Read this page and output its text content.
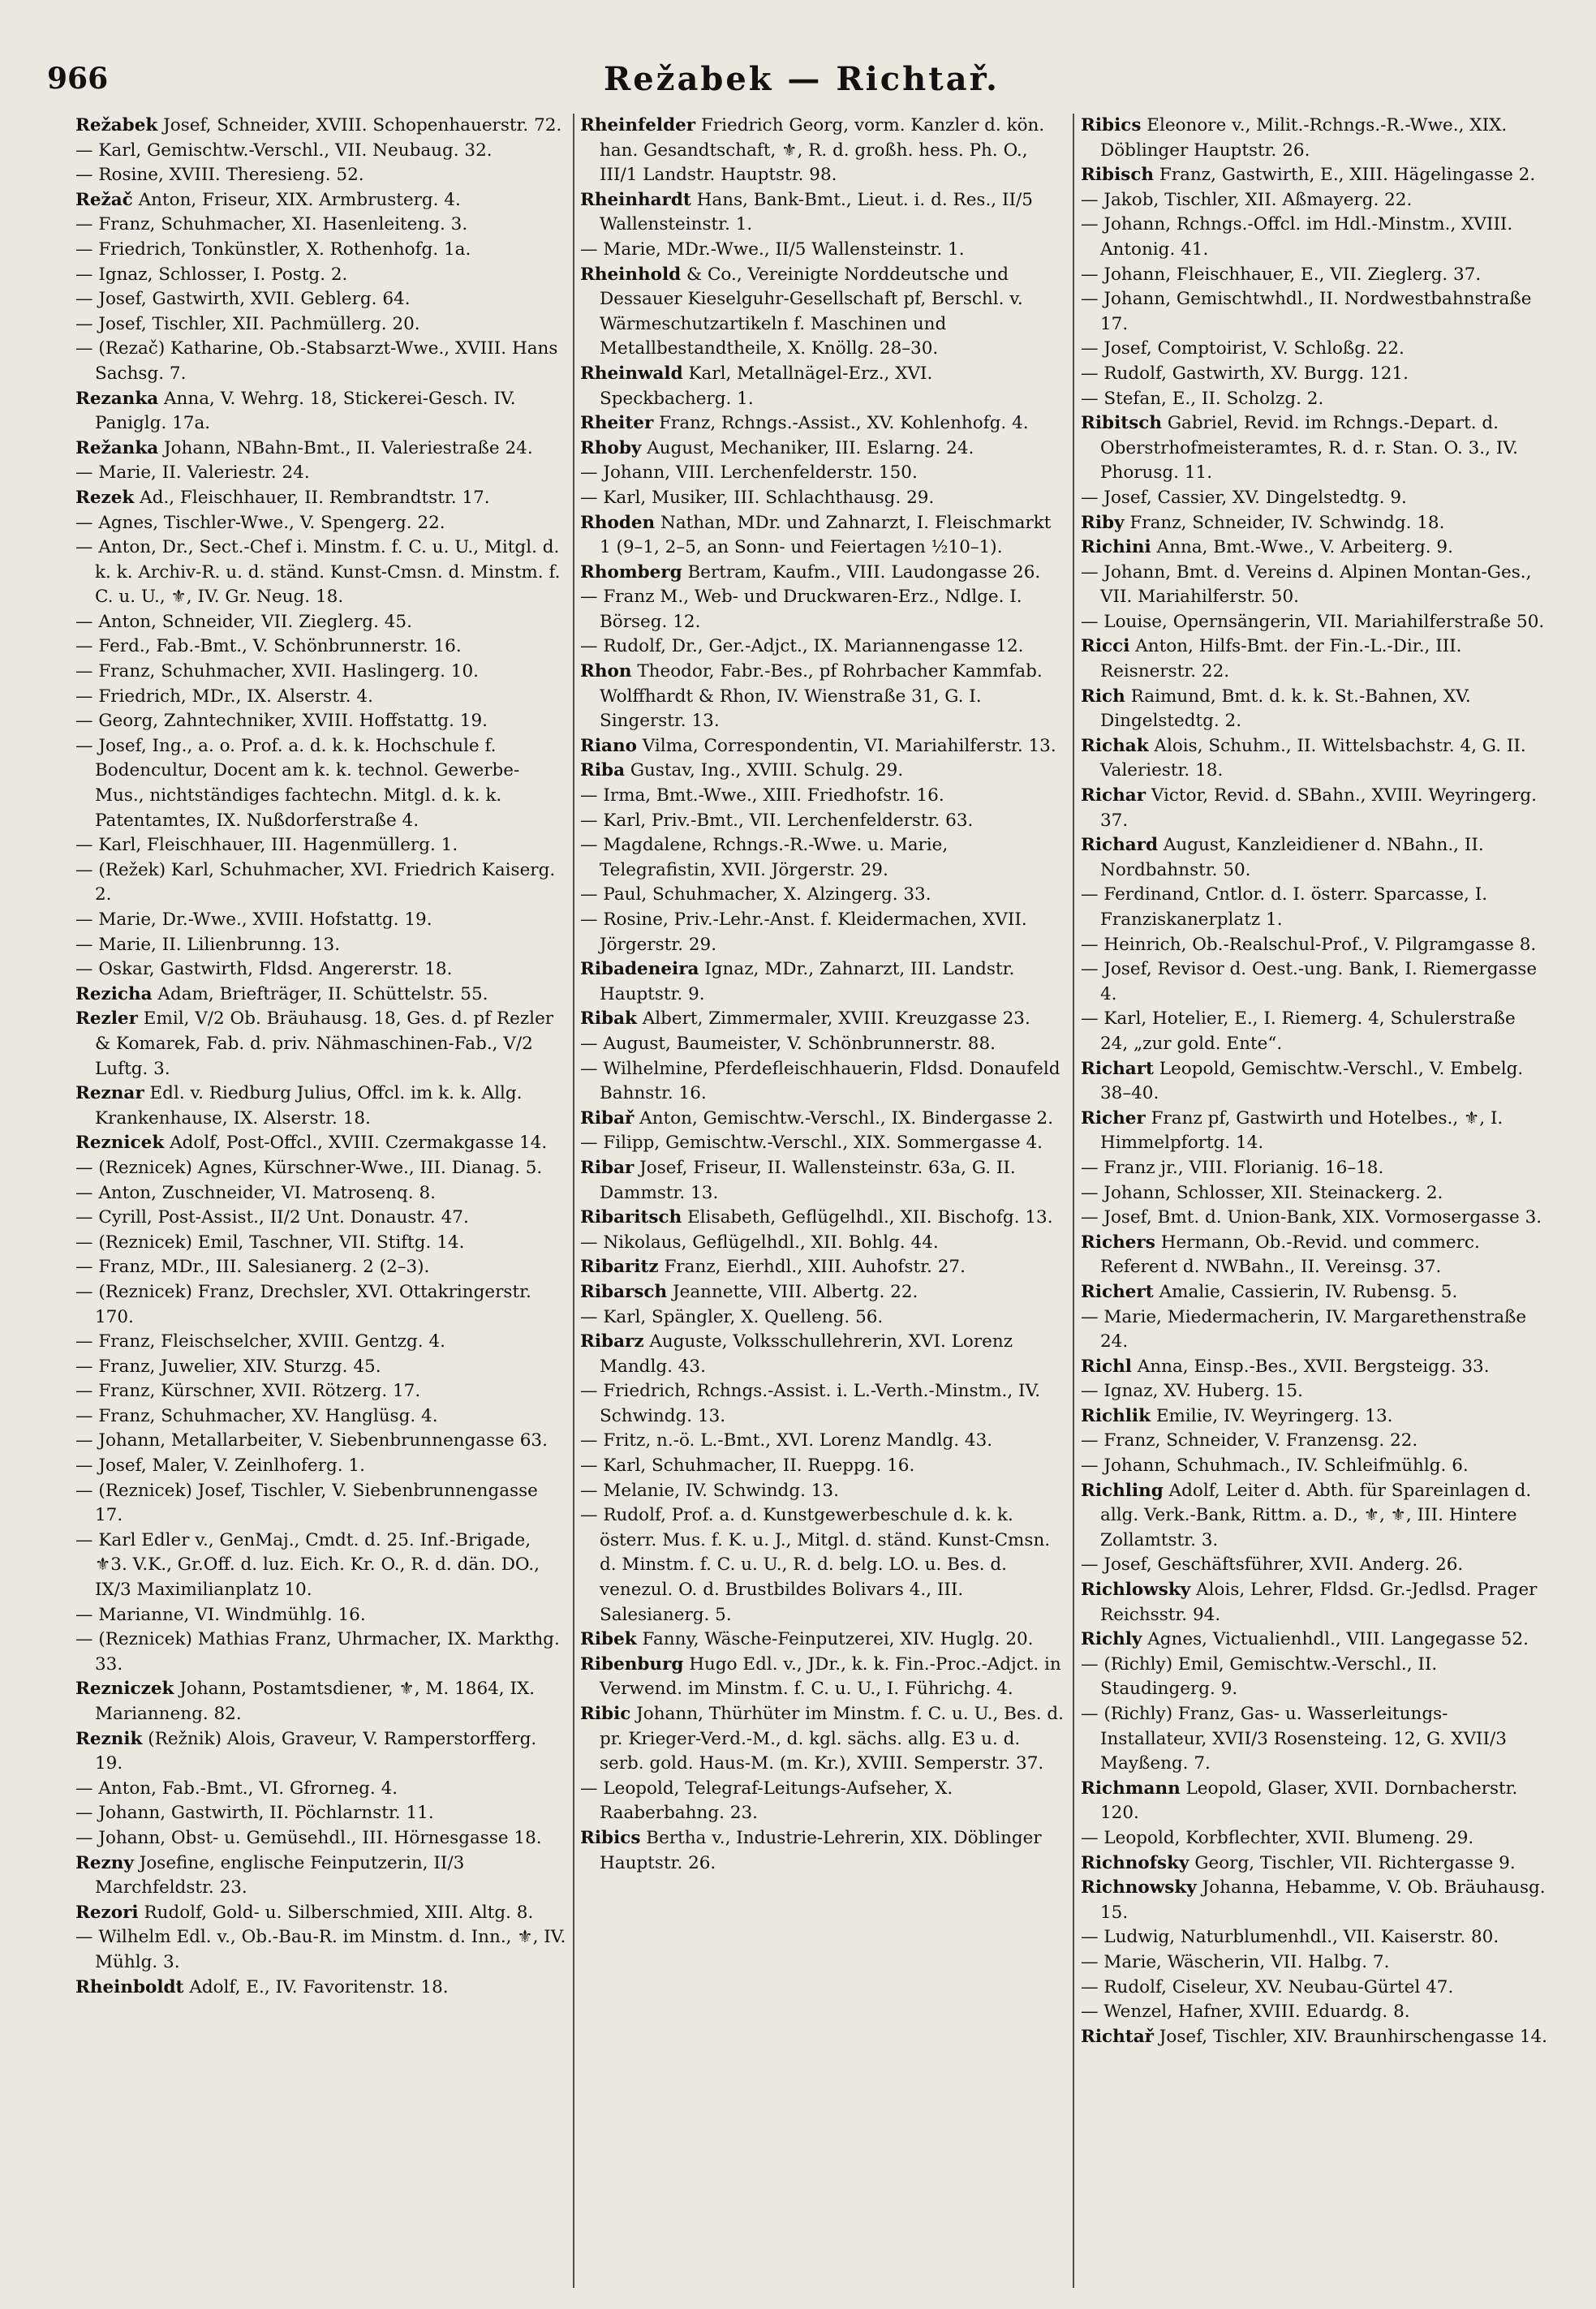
966	Režabek — Richtař.

Režabek Josef, Schneider, XVIII. Schopenhauerstr. 72.

— Karl, Gemischtw.-Verschl., VII. Neubaug. 32.

— Rosine, XVIII. Theresieng. 52.

Režač Anton, Friseur, XIX. Armbrusterg. 4.

— Franz, Schuhmacher, XI. Hasenleiteng. 3.

— Friedrich, Tonkünstler, X. Rothenhofg. 1a.

— Ignaz, Schlosser, I. Postg. 2.

— Josef, Gastwirth, XVII. Geblerg. 64.

— Josef, Tischler, XII. Pachmüllerg. 20.

— (Rezač) Katharine, Ob.-Stabsarzt-Wwe., XVIII. Hans Sachsg. 7.

Rezanka Anna, V. Wehrg. 18, Stickerei-Gesch. IV. Paniglg. 17a.

Režanka Johann, NBahn-Bmt., II. Valeriestraße 24.

— Marie, II. Valeriestr. 24.

Rezek Ad., Fleischhauer, II. Rembrandtstr. 17.

— Agnes, Tischler-Wwe., V. Spengerg. 22.

— Anton, Dr., Sect.-Chef i. Minstm. f. C. u. U., Mitgl. d. k. k. Archiv-R. u. d. ständ. Kunst-Cmsn. d. Minstm. f. C. u. U., ⚜, IV. Gr. Neug. 18.

— Anton, Schneider, VII. Zieglerg. 45.

— Ferd., Fab.-Bmt., V. Schönbrunnerstr. 16.

— Franz, Schuhmacher, XVII. Haslingerg. 10.

— Friedrich, MDr., IX. Alserstr. 4.

— Georg, Zahntechniker, XVIII. Hoffstattg. 19.

— Josef, Ing., a. o. Prof. a. d. k. k. Hochschule f. Bodencultur, Docent am k. k. technol. Gewerbe-Mus., nichtständiges fachtechn. Mitgl. d. k. k. Patentamtes, IX. Nußdorferstraße 4.

— Karl, Fleischhauer, III. Hagenmüllerg. 1.

— (Režek) Karl, Schuhmacher, XVI. Friedrich Kaiserg. 2.

— Marie, Dr.-Wwe., XVIII. Hofstattg. 19.

— Marie, II. Lilienbrunng. 13.

— Oskar, Gastwirth, Fldsd. Angererstr. 18.

Rezicha Adam, Briefträger, II. Schüttelstr. 55.

Rezler Emil, V/2 Ob. Bräuhausg. 18, Ges. d. pf Rezler & Komarek, Fab. d. priv. Nähmaschinen-Fab., V/2 Luftg. 3.

Reznar Edl. v. Riedburg Julius, Offcl. im k. k. Allg. Krankenhause, IX. Alserstr. 18.

Reznicek Adolf, Post-Offcl., XVIII. Czermakgasse 14.

— (Reznicek) Agnes, Kürschner-Wwe., III. Dianag. 5.

— Anton, Zuschneider, VI. Matrosenq. 8.

— Cyrill, Post-Assist., II/2 Unt. Donaustr. 47.

— (Reznicek) Emil, Taschner, VII. Stiftg. 14.

— Franz, MDr., III. Salesianerg. 2 (2–3).

— (Reznicek) Franz, Drechsler, XVI. Ottakringerstr. 170.

— Franz, Fleischselcher, XVIII. Gentzg. 4.

— Franz, Juwelier, XIV. Sturzg. 45.

— Franz, Kürschner, XVII. Rötzerg. 17.

— Franz, Schuhmacher, XV. Hanglüsg. 4.

— Johann, Metallarbeiter, V. Siebenbrunnengasse 63.

— Josef, Maler, V. Zeinlhoferg. 1.

— (Reznicek) Josef, Tischler, V. Siebenbrunnengasse 17.

— Karl Edler v., GenMaj., Cmdt. d. 25. Inf.-Brigade, ⚜3. V.K., Gr.Off. d. luz. Eich. Kr. O., R. d. dän. DO., IX/3 Maximilianplatz 10.

— Marianne, VI. Windmühlg. 16.

— (Reznicek) Mathias Franz, Uhrmacher, IX. Markthg. 33.

Rezniczek Johann, Postamtsdiener, ⚜, M. 1864, IX. Marianneng. 82.

Reznik (Režnik) Alois, Graveur, V. Ramperstorfferg. 19.

— Anton, Fab.-Bmt., VI. Gfrorneg. 4.

— Johann, Gastwirth, II. Pöchlarnstr. 11.

— Johann, Obst- u. Gemüsehdl., III. Hörnesgasse 18.

Rezny Josefine, englische Feinputzerin, II/3 Marchfeldstr. 23.

Rezori Rudolf, Gold- u. Silberschmied, XIII. Altg. 8.

— Wilhelm Edl. v., Ob.-Bau-R. im Minstm. d. Inn., ⚜, IV. Mühlg. 3.

Rheinboldt Adolf, E., IV. Favoritenstr. 18.

Rheinfelder Friedrich Georg, vorm. Kanzler d. kön. han. Gesandtschaft, ⚜, R. d. großh. hess. Ph. O., III/1 Landstr. Hauptstr. 98.

Rheinhardt Hans, Bank-Bmt., Lieut. i. d. Res., II/5 Wallensteinstr. 1.

— Marie, MDr.-Wwe., II/5 Wallensteinstr. 1.

Rheinhold & Co., Vereinigte Norddeutsche und Dessauer Kieselguhr-Gesellschaft pf, Berschl. v. Wärmeschutzartikeln f. Maschinen und Metallbestandtheile, X. Knöllg. 28–30.

Rheinwald Karl, Metallnägel-Erz., XVI. Speckbacherg. 1.

Rheiter Franz, Rchngs.-Assist., XV. Kohlenhofg. 4.

Rhoby August, Mechaniker, III. Eslarng. 24.

— Johann, VIII. Lerchenfelderstr. 150.

— Karl, Musiker, III. Schlachthausg. 29.

Rhoden Nathan, MDr. und Zahnarzt, I. Fleischmarkt 1 (9–1, 2–5, an Sonn- und Feiertagen ½10–1).

Rhomberg Bertram, Kaufm., VIII. Laudongasse 26.

— Franz M., Web- und Druckwaren-Erz., Ndlge. I. Börseg. 12.

— Rudolf, Dr., Ger.-Adjct., IX. Mariannengasse 12.

Rhon Theodor, Fabr.-Bes., pf Rohrbacher Kammfab. Wolffhardt & Rhon, IV. Wienstraße 31, G. I. Singerstr. 13.

Riano Vilma, Correspondentin, VI. Mariahilferstr. 13.

Riba Gustav, Ing., XVIII. Schulg. 29.

— Irma, Bmt.-Wwe., XIII. Friedhofstr. 16.

— Karl, Priv.-Bmt., VII. Lerchenfelderstr. 63.

— Magdalene, Rchngs.-R.-Wwe. u. Marie, Telegrafistin, XVII. Jörgerstr. 29.

— Paul, Schuhmacher, X. Alzingerg. 33.

— Rosine, Priv.-Lehr.-Anst. f. Kleidermachen, XVII. Jörgerstr. 29.

Ribadeneira Ignaz, MDr., Zahnarzt, III. Landstr. Hauptstr. 9.

Ribak Albert, Zimmermaler, XVIII. Kreuzgasse 23.

— August, Baumeister, V. Schönbrunnerstr. 88.

— Wilhelmine, Pferdefleischhauerin, Fldsd. Donaufeld Bahnstr. 16.

Ribař Anton, Gemischtw.-Verschl., IX. Bindergasse 2.

— Filipp, Gemischtw.-Verschl., XIX. Sommergasse 4.

Ribar Josef, Friseur, II. Wallensteinstr. 63a, G. II. Dammstr. 13.

Ribaritsch Elisabeth, Geflügelhdl., XII. Bischofg. 13.

— Nikolaus, Geflügelhdl., XII. Bohlg. 44.

Ribaritz Franz, Eierhdl., XIII. Auhofstr. 27.

Ribarsch Jeannette, VIII. Albertg. 22.

— Karl, Spängler, X. Quelleng. 56.

Ribarz Auguste, Volksschullehrerin, XVI. Lorenz Mandlg. 43.

— Friedrich, Rchngs.-Assist. i. L.-Verth.-Minstm., IV. Schwindg. 13.

— Fritz, n.-ö. L.-Bmt., XVI. Lorenz Mandlg. 43.

— Karl, Schuhmacher, II. Rueppg. 16.

— Melanie, IV. Schwindg. 13.

— Rudolf, Prof. a. d. Kunstgewerbeschule d. k. k. österr. Mus. f. K. u. J., Mitgl. d. ständ. Kunst-Cmsn. d. Minstm. f. C. u. U., R. d. belg. LO. u. Bes. d. venezul. O. d. Brustbildes Bolivars 4., III. Salesianerg. 5.

Ribek Fanny, Wäsche-Feinputzerei, XIV. Huglg. 20.

Ribenburg Hugo Edl. v., JDr., k. k. Fin.-Proc.-Adjct. in Verwend. im Minstm. f. C. u. U., I. Führichg. 4.

Ribic Johann, Thürhüter im Minstm. f. C. u. U., Bes. d. pr. Krieger-Verd.-M., d. kgl. sächs. allg. E3 u. d. serb. gold. Haus-M. (m. Kr.), XVIII. Semperstr. 37.

— Leopold, Telegraf-Leitungs-Aufseher, X. Raaberbahng. 23.

Ribics Bertha v., Industrie-Lehrerin, XIX. Döblinger Hauptstr. 26.

Ribics Eleonore v., Milit.-Rchngs.-R.-Wwe., XIX. Döblinger Hauptstr. 26.

Ribisch Franz, Gastwirth, E., XIII. Hägelingasse 2.

— Jakob, Tischler, XII. Aßmayerg. 22.

— Johann, Rchngs.-Offcl. im Hdl.-Minstm., XVIII. Antonig. 41.

— Johann, Fleischhauer, E., VII. Zieglerg. 37.

— Johann, Gemischtwhdl., II. Nordwestbahnstraße 17.

— Josef, Comptoirist, V. Schloßg. 22.

— Rudolf, Gastwirth, XV. Burgg. 121.

— Stefan, E., II. Scholzg. 2.

Ribitsch Gabriel, Revid. im Rchngs.-Depart. d. Oberstrhofmeisteramtes, R. d. r. Stan. O. 3., IV. Phorusg. 11.

— Josef, Cassier, XV. Dingelstedtg. 9.

Riby Franz, Schneider, IV. Schwindg. 18.

Richini Anna, Bmt.-Wwe., V. Arbeiterg. 9.

— Johann, Bmt. d. Vereins d. Alpinen Montan-Ges., VII. Mariahilferstr. 50.

— Louise, Opernsängerin, VII. Mariahilferstraße 50.

Ricci Anton, Hilfs-Bmt. der Fin.-L.-Dir., III. Reisnerstr. 22.

Rich Raimund, Bmt. d. k. k. St.-Bahnen, XV. Dingelstedtg. 2.

Richak Alois, Schuhm., II. Wittelsbachstr. 4, G. II. Valeriestr. 18.

Richar Victor, Revid. d. SBahn., XVIII. Weyringerg. 37.

Richard August, Kanzleidiener d. NBahn., II. Nordbahnstr. 50.

— Ferdinand, Cntlor. d. I. österr. Sparcasse, I. Franziskanerplatz 1.

— Heinrich, Ob.-Realschul-Prof., V. Pilgramgasse 8.

— Josef, Revisor d. Oest.-ung. Bank, I. Riemergasse 4.

— Karl, Hotelier, E., I. Riemerg. 4, Schulerstraße 24, „zur gold. Ente“.

Richart Leopold, Gemischtw.-Verschl., V. Embelg. 38–40.

Richer Franz pf, Gastwirth und Hotelbes., ⚜, I. Himmelpfortg. 14.

— Franz jr., VIII. Florianig. 16–18.

— Johann, Schlosser, XII. Steinackerg. 2.

— Josef, Bmt. d. Union-Bank, XIX. Vormosergasse 3.

Richers Hermann, Ob.-Revid. und commerc. Referent d. NWBahn., II. Vereinsg. 37.

Richert Amalie, Cassierin, IV. Rubensg. 5.

— Marie, Miedermacherin, IV. Margarethenstraße 24.

Richl Anna, Einsp.-Bes., XVII. Bergsteigg. 33.

— Ignaz, XV. Huberg. 15.

Richlik Emilie, IV. Weyringerg. 13.

— Franz, Schneider, V. Franzensg. 22.

— Johann, Schuhmach., IV. Schleifmühlg. 6.

Richling Adolf, Leiter d. Abth. für Spareinlagen d. allg. Verk.-Bank, Rittm. a. D., ⚜, ⚜, III. Hintere Zollamtstr. 3.

— Josef, Geschäftsführer, XVII. Anderg. 26.

Richlowsky Alois, Lehrer, Fldsd. Gr.-Jedlsd. Prager Reichsstr. 94.

Richly Agnes, Victualienhdl., VIII. Langegasse 52.

— (Richly) Emil, Gemischtw.-Verschl., II. Staudingerg. 9.

— (Richly) Franz, Gas- u. Wasserleitungs-Installateur, XVII/3 Rosensteing. 12, G. XVII/3 Mayßeng. 7.

Richmann Leopold, Glaser, XVII. Dornbacherstr. 120.

— Leopold, Korbflechter, XVII. Blumeng. 29.

Richnofsky Georg, Tischler, VII. Richtergasse 9.

Richnowsky Johanna, Hebamme, V. Ob. Bräuhausg. 15.

— Ludwig, Naturblumenhdl., VII. Kaiserstr. 80.

— Marie, Wäscherin, VII. Halbg. 7.

— Rudolf, Ciseleur, XV. Neubau-Gürtel 47.

— Wenzel, Hafner, XVIII. Eduardg. 8.

Richtař Josef, Tischler, XIV. Braunhirschengasse 14.
